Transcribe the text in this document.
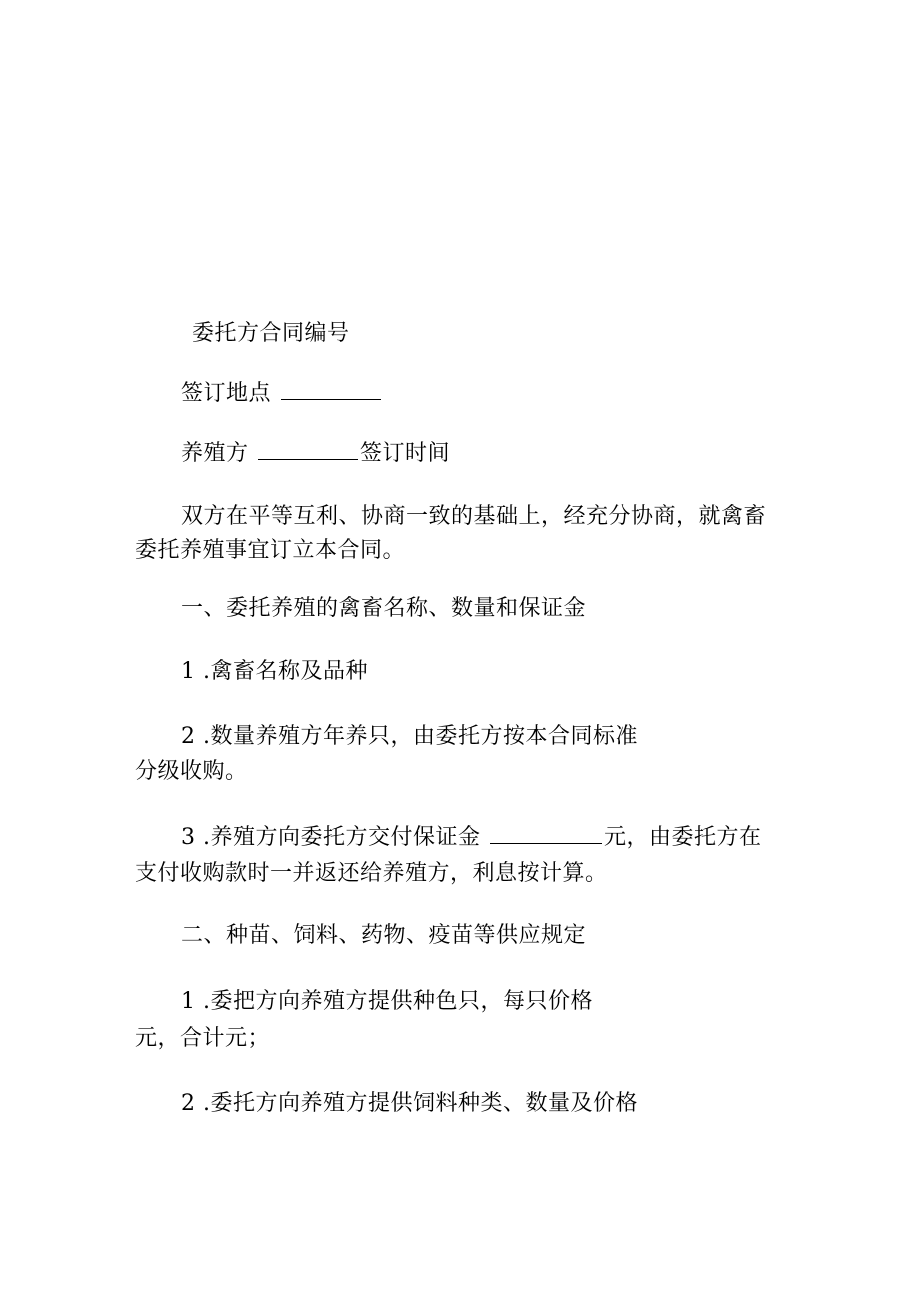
委托方合同编号
签订地点
养殖方	签订时间
双方在平等互利、协商一致的基础上，经充分协商，就禽畜
委托养殖事宜订立本合同。
一、委托养殖的禽畜名称、数量和保证金
1 .禽畜名称及品种
2 .数量养殖方年养只，由委托方按本合同标准
分级收购。
3 .养殖方向委托方交付保证金	元，由委托方在
支付收购款时一并返还给养殖方，利息按计算。
二、种苗、饲料、药物、疫苗等供应规定
1 .委把方向养殖方提供种色只，每只价格
元，合计元；
2 .委托方向养殖方提供饲料种类、数量及价格
